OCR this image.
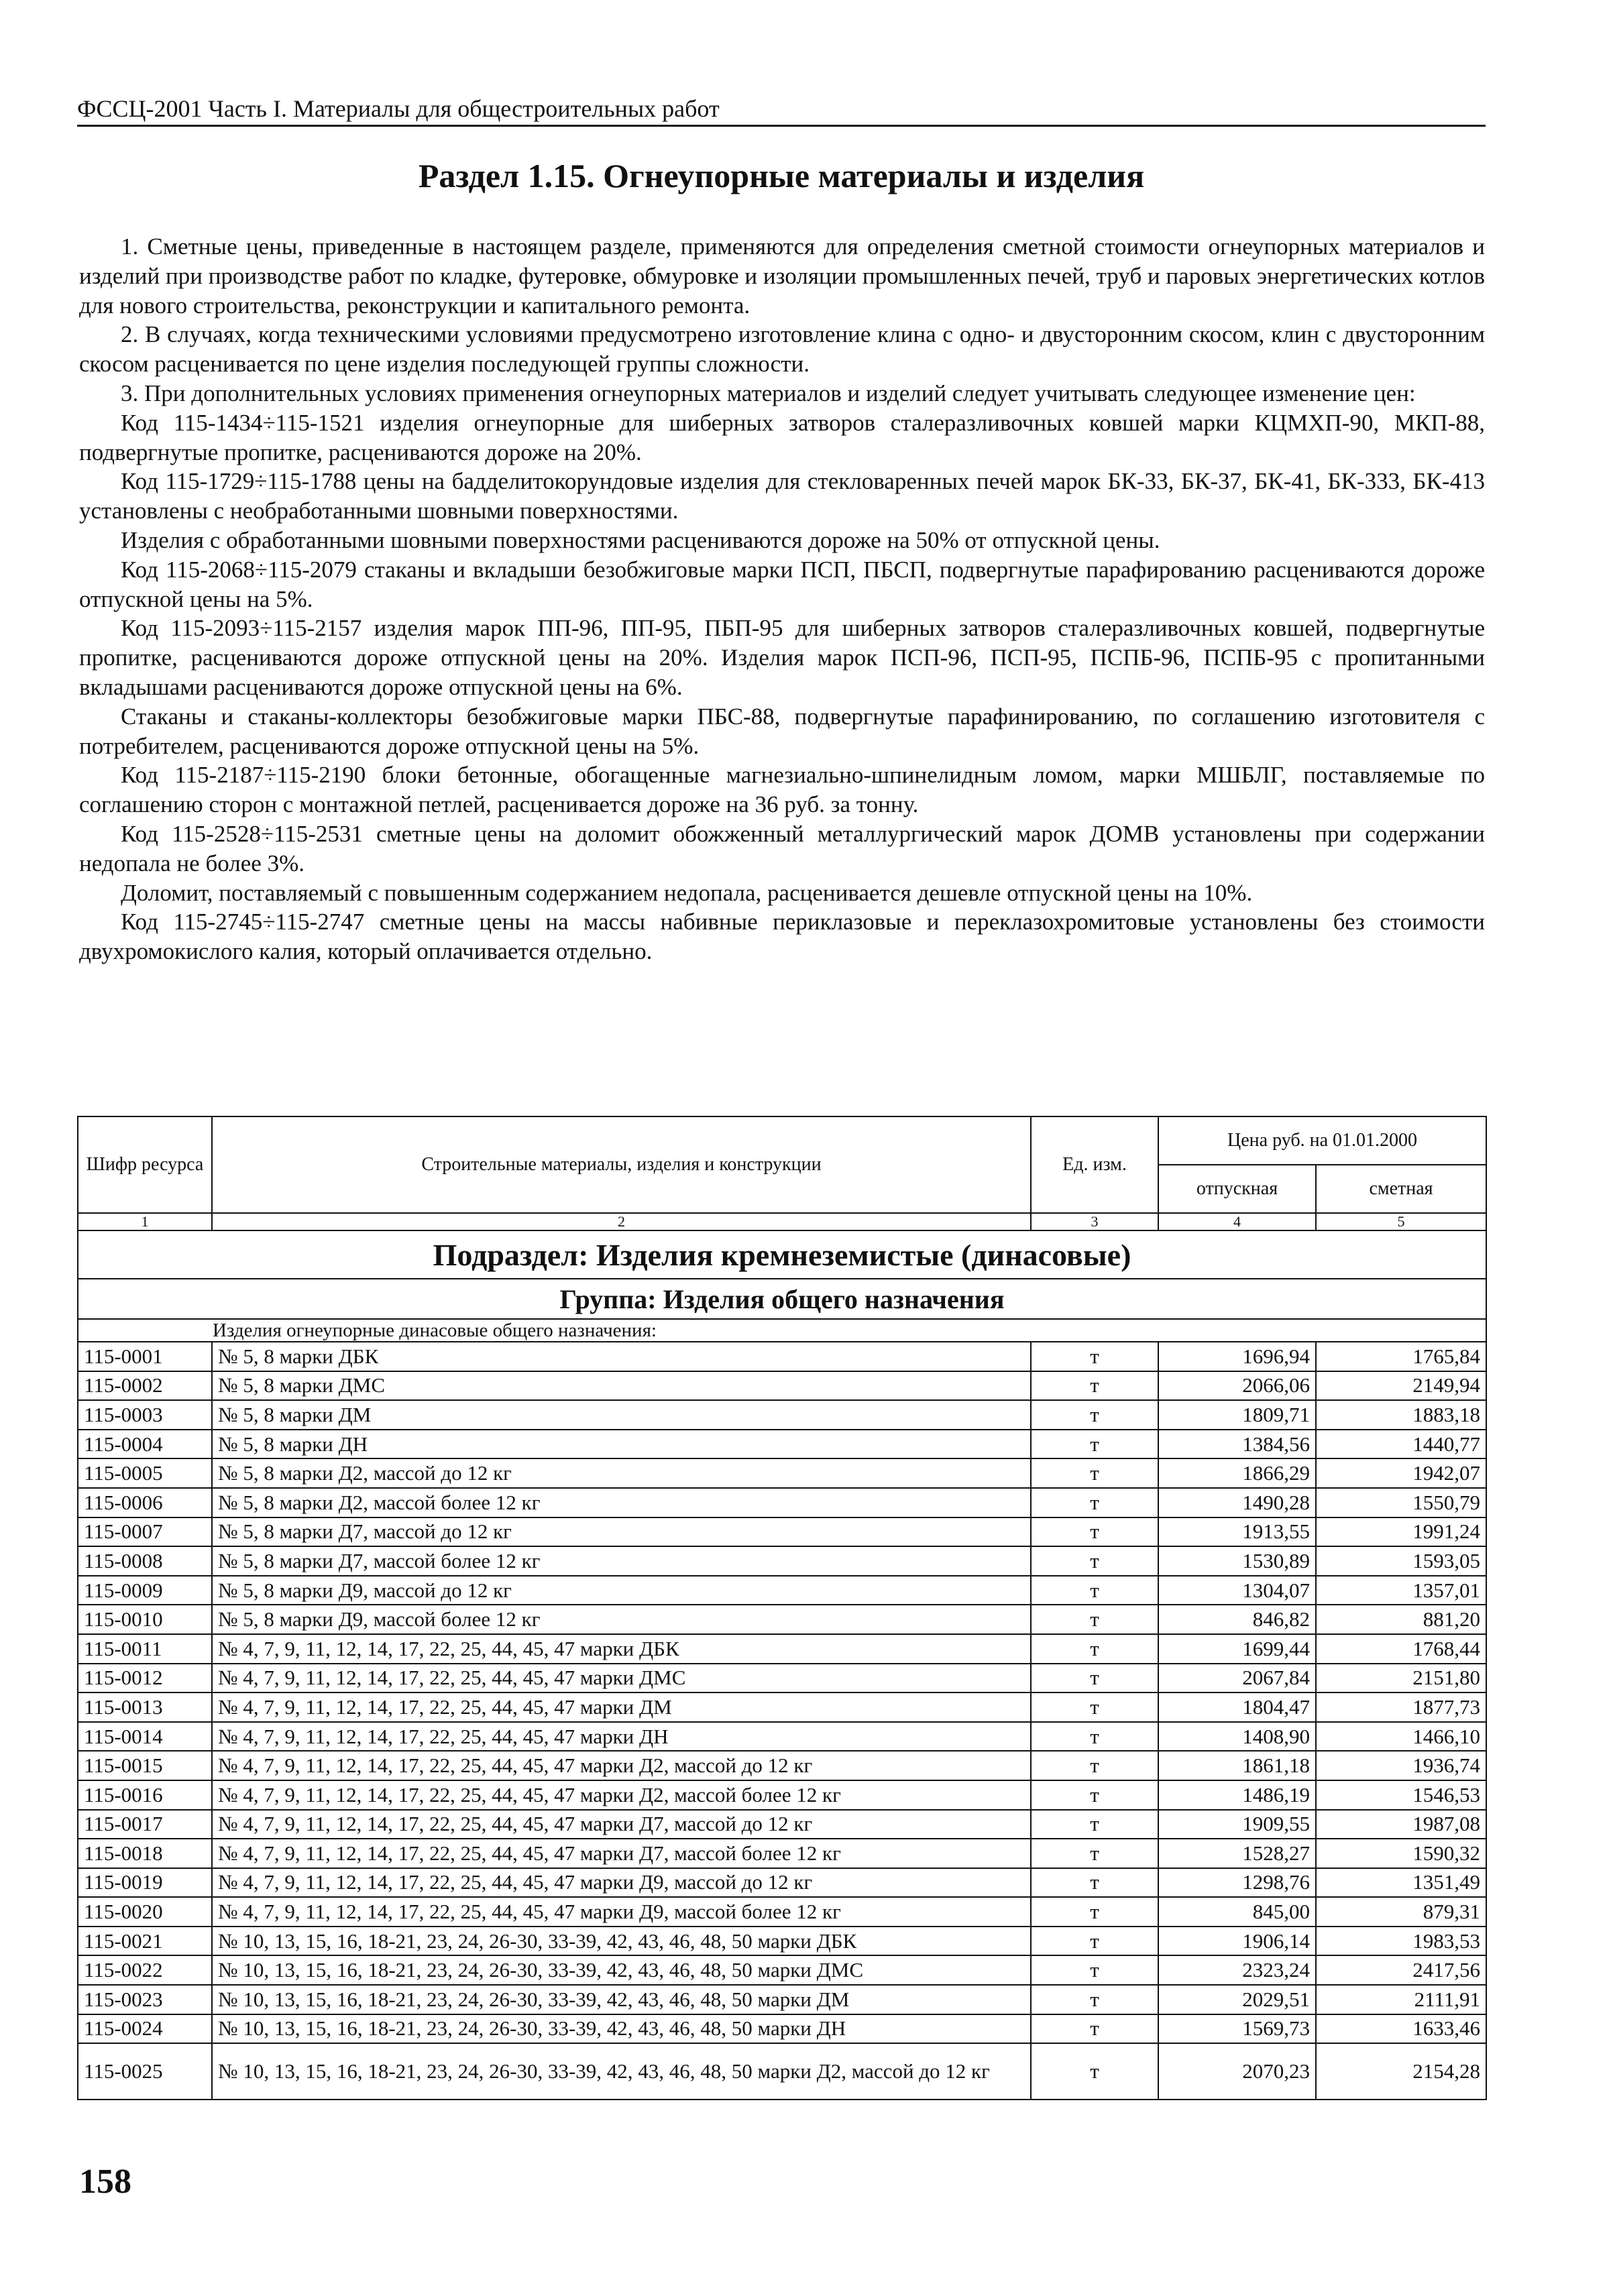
ФССЦ-2001 Часть I. Материалы для общестроительных работ
Раздел 1.15. Огнеупорные материалы и изделия

1. Сметные цены, приведенные в настоящем разделе, применяются для определения сметной стоимости огнеупорных материалов и изделий при производстве работ по кладке, футеровке, обмуровке и изоляции промышленных печей, труб и паровых энергетических котлов для нового строительства, реконструкции и капитального ремонта.

2. В случаях, когда техническими условиями предусмотрено изготовление клина с одно- и двусторонним скосом, клин с двусторонним скосом расценивается по цене изделия последующей группы сложности.

3. При дополнительных условиях применения огнеупорных материалов и изделий следует учитывать следующее изменение цен:

Код 115-1434÷115-1521 изделия огнеупорные для шиберных затворов сталеразливочных ковшей марки КЦМХП-90, МКП-88, подвергнутые пропитке, расцениваются дороже на 20%.

Код 115-1729÷115-1788 цены на бадделитокорундовые изделия для стекловаренных печей марок БК-33, БК-37, БК-41, БК-333, БК-413 установлены с необработанными шовными поверхностями.

Изделия с обработанными шовными поверхностями расцениваются дороже на 50% от отпускной цены.

Код 115-2068÷115-2079 стаканы и вкладыши безобжиговые марки ПСП, ПБСП, подвергнутые парафированию расцениваются дороже отпускной цены на 5%.

Код 115-2093÷115-2157 изделия марок ПП-96, ПП-95, ПБП-95 для шиберных затворов сталеразливочных ковшей, подвергнутые пропитке, расцениваются дороже отпускной цены на 20%. Изделия марок ПСП-96, ПСП-95, ПСПБ-96, ПСПБ-95 с пропитанными вкладышами расцениваются дороже отпускной цены на 6%.

Стаканы и стаканы-коллекторы безобжиговые марки ПБС-88, подвергнутые парафинированию, по соглашению изготовителя с потребителем, расцениваются дороже отпускной цены на 5%.

Код 115-2187÷115-2190 блоки бетонные, обогащенные магнезиально-шпинелидным ломом, марки МШБЛГ, поставляемые по соглашению сторон с монтажной петлей, расценивается дороже на 36 руб. за тонну.

Код 115-2528÷115-2531 сметные цены на доломит обожженный металлургический марок ДОМВ установлены при содержании недопала не более 3%.

Доломит, поставляемый с повышенным содержанием недопала, расценивается дешевле отпускной цены на 10%.

Код 115-2745÷115-2747 сметные цены на массы набивные периклазовые и переклазохромитовые установлены без стоимости двухромокислого калия, который оплачивается отдельно.

Шифр ресурса	Строительные материалы, изделия и конструкции	Ед. изм.	Цена руб. на 01.01.2000	
			отпускная	сметная
1	2	3	4	5
Подраздел: Изделия кремнеземистые (динасовые)				
Группа: Изделия общего назначения				
Изделия огнеупорные динасовые общего назначения:				
115-0001	№ 5, 8 марки ДБК	т	1696,94	1765,84
115-0002	№ 5, 8 марки ДМС	т	2066,06	2149,94
115-0003	№ 5, 8 марки ДМ	т	1809,71	1883,18
115-0004	№ 5, 8 марки ДН	т	1384,56	1440,77
115-0005	№ 5, 8 марки Д2, массой до 12 кг	т	1866,29	1942,07
115-0006	№ 5, 8 марки Д2, массой более 12 кг	т	1490,28	1550,79
115-0007	№ 5, 8 марки Д7, массой до 12 кг	т	1913,55	1991,24
115-0008	№ 5, 8 марки Д7, массой более 12 кг	т	1530,89	1593,05
115-0009	№ 5, 8 марки Д9, массой до 12 кг	т	1304,07	1357,01
115-0010	№ 5, 8 марки Д9, массой более 12 кг	т	846,82	881,20
115-0011	№ 4, 7, 9, 11, 12, 14, 17, 22, 25, 44, 45, 47 марки ДБК	т	1699,44	1768,44
115-0012	№ 4, 7, 9, 11, 12, 14, 17, 22, 25, 44, 45, 47 марки ДМС	т	2067,84	2151,80
115-0013	№ 4, 7, 9, 11, 12, 14, 17, 22, 25, 44, 45, 47 марки ДМ	т	1804,47	1877,73
115-0014	№ 4, 7, 9, 11, 12, 14, 17, 22, 25, 44, 45, 47 марки ДН	т	1408,90	1466,10
115-0015	№ 4, 7, 9, 11, 12, 14, 17, 22, 25, 44, 45, 47 марки Д2, массой до 12 кг	т	1861,18	1936,74
115-0016	№ 4, 7, 9, 11, 12, 14, 17, 22, 25, 44, 45, 47 марки Д2, массой более 12 кг	т	1486,19	1546,53
115-0017	№ 4, 7, 9, 11, 12, 14, 17, 22, 25, 44, 45, 47 марки Д7, массой до 12 кг	т	1909,55	1987,08
115-0018	№ 4, 7, 9, 11, 12, 14, 17, 22, 25, 44, 45, 47 марки Д7, массой более 12 кг	т	1528,27	1590,32
115-0019	№ 4, 7, 9, 11, 12, 14, 17, 22, 25, 44, 45, 47 марки Д9, массой до 12 кг	т	1298,76	1351,49
115-0020	№ 4, 7, 9, 11, 12, 14, 17, 22, 25, 44, 45, 47 марки Д9, массой более 12 кг	т	845,00	879,31
115-0021	№ 10, 13, 15, 16, 18-21, 23, 24, 26-30, 33-39, 42, 43, 46, 48, 50 марки ДБК	т	1906,14	1983,53
115-0022	№ 10, 13, 15, 16, 18-21, 23, 24, 26-30, 33-39, 42, 43, 46, 48, 50 марки ДМС	т	2323,24	2417,56
115-0023	№ 10, 13, 15, 16, 18-21, 23, 24, 26-30, 33-39, 42, 43, 46, 48, 50 марки ДМ	т	2029,51	2111,91
115-0024	№ 10, 13, 15, 16, 18-21, 23, 24, 26-30, 33-39, 42, 43, 46, 48, 50 марки ДН	т	1569,73	1633,46
115-0025	№ 10, 13, 15, 16, 18-21, 23, 24, 26-30, 33-39, 42, 43, 46, 48, 50 марки Д2, массой до 12 кг	т	2070,23	2154,28
158
